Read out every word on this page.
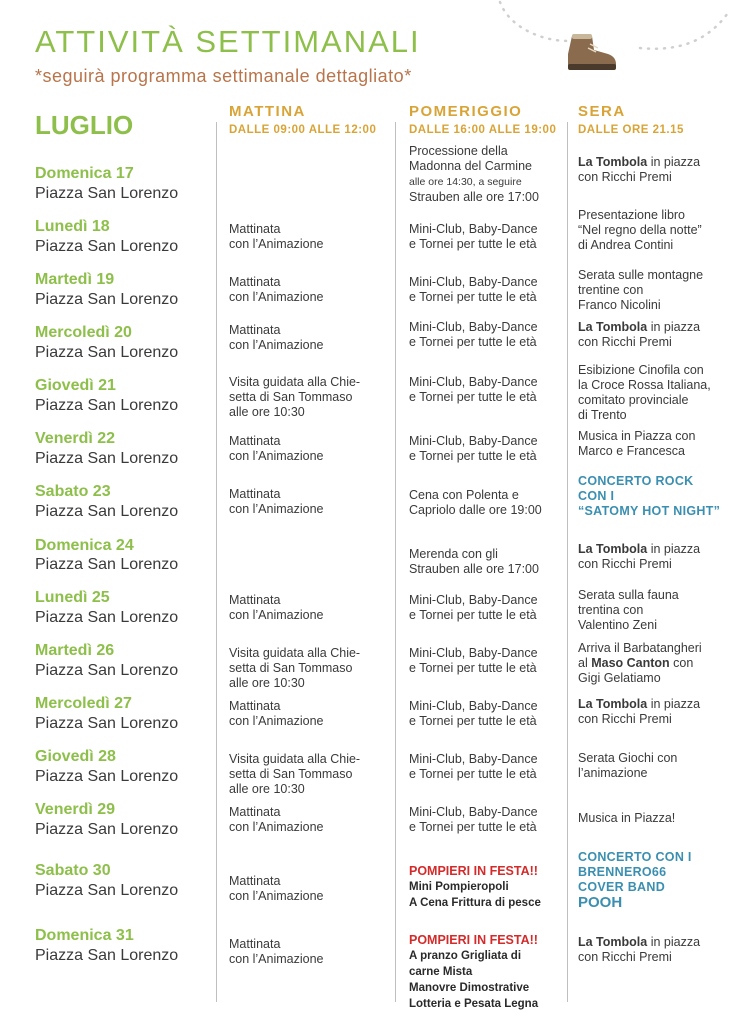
ATTIVITÀ SETTIMANALI
*seguirà programma settimanale dettagliato*
LUGLIO	MATTINA
DALLE 09:00 ALLE 12:00
POMERIGGIO
DALLE 16:00 ALLE 19:00
SERA
DALLE ORE 21.15
Domenica 17
Piazza San Lorenzo
Processione della
Madonna del Carmine
alle ore 14:30, a seguire
Strauben alle ore 17:00
La Tombola in piazza
con Ricchi Premi
Lunedì 18
Piazza San Lorenzo
Mattinata
con l’Animazione
Mini-Club, Baby-Dance
e Tornei per tutte le età
Presentazione libro
“Nel regno della notte”
di Andrea Contini
Martedì 19
Piazza San Lorenzo
Mattinata
con l’Animazione
Mini-Club, Baby-Dance
e Tornei per tutte le età
Serata sulle montagne
trentine con
Franco Nicolini
Mercoledì 20
Piazza San Lorenzo
Mattinata
con l’Animazione
Mini-Club, Baby-Dance
e Tornei per tutte le età
La Tombola in piazza
con Ricchi Premi
Giovedì 21
Piazza San Lorenzo
Visita guidata alla Chie-
setta di San Tommaso
alle ore 10:30
Mini-Club, Baby-Dance
e Tornei per tutte le età
Esibizione Cinofila con
la Croce Rossa Italiana,
comitato provinciale
di Trento
Venerdì 22
Piazza San Lorenzo
Mattinata
con l’Animazione
Mini-Club, Baby-Dance
e Tornei per tutte le età
Musica in Piazza con
Marco e Francesca
Sabato 23
Piazza San Lorenzo
Mattinata
con l’Animazione
Cena con Polenta e
Capriolo dalle ore 19:00
CONCERTO ROCK
CON I
“SATOMY HOT NIGHT”
Domenica 24
Piazza San Lorenzo
Merenda con gli
Strauben alle ore 17:00
La Tombola in piazza
con Ricchi Premi
Lunedì 25
Piazza San Lorenzo
Mattinata
con l’Animazione
Mini-Club, Baby-Dance
e Tornei per tutte le età
Serata sulla fauna
trentina con
Valentino Zeni
Martedì 26
Piazza San Lorenzo
Visita guidata alla Chie-
setta di San Tommaso
alle ore 10:30
Mini-Club, Baby-Dance
e Tornei per tutte le età
Arriva il Barbatangheri
al Maso Canton con
Gigi Gelatiamo
Mercoledì 27
Piazza San Lorenzo
Mattinata
con l’Animazione
Mini-Club, Baby-Dance
e Tornei per tutte le età
La Tombola in piazza
con Ricchi Premi
Giovedì 28
Piazza San Lorenzo
Visita guidata alla Chie-
setta di San Tommaso
alle ore 10:30
Mini-Club, Baby-Dance
e Tornei per tutte le età
Serata Giochi con
l’animazione
Venerdì 29
Piazza San Lorenzo
Mattinata
con l’Animazione
Mini-Club, Baby-Dance
e Tornei per tutte le età
Musica in Piazza!
Sabato 30
Piazza San Lorenzo
Mattinata
con l’Animazione
POMPIERI IN FESTA!!
Mini Pompieropoli
A Cena Frittura di pesce
CONCERTO CON I
BRENNERO66
COVER BAND
POOH
Domenica 31
Piazza San Lorenzo
Mattinata
con l’Animazione
POMPIERI IN FESTA!!
A pranzo Grigliata di
carne Mista
Manovre Dimostrative
Lotteria e Pesata Legna
La Tombola in piazza
con Ricchi Premi
